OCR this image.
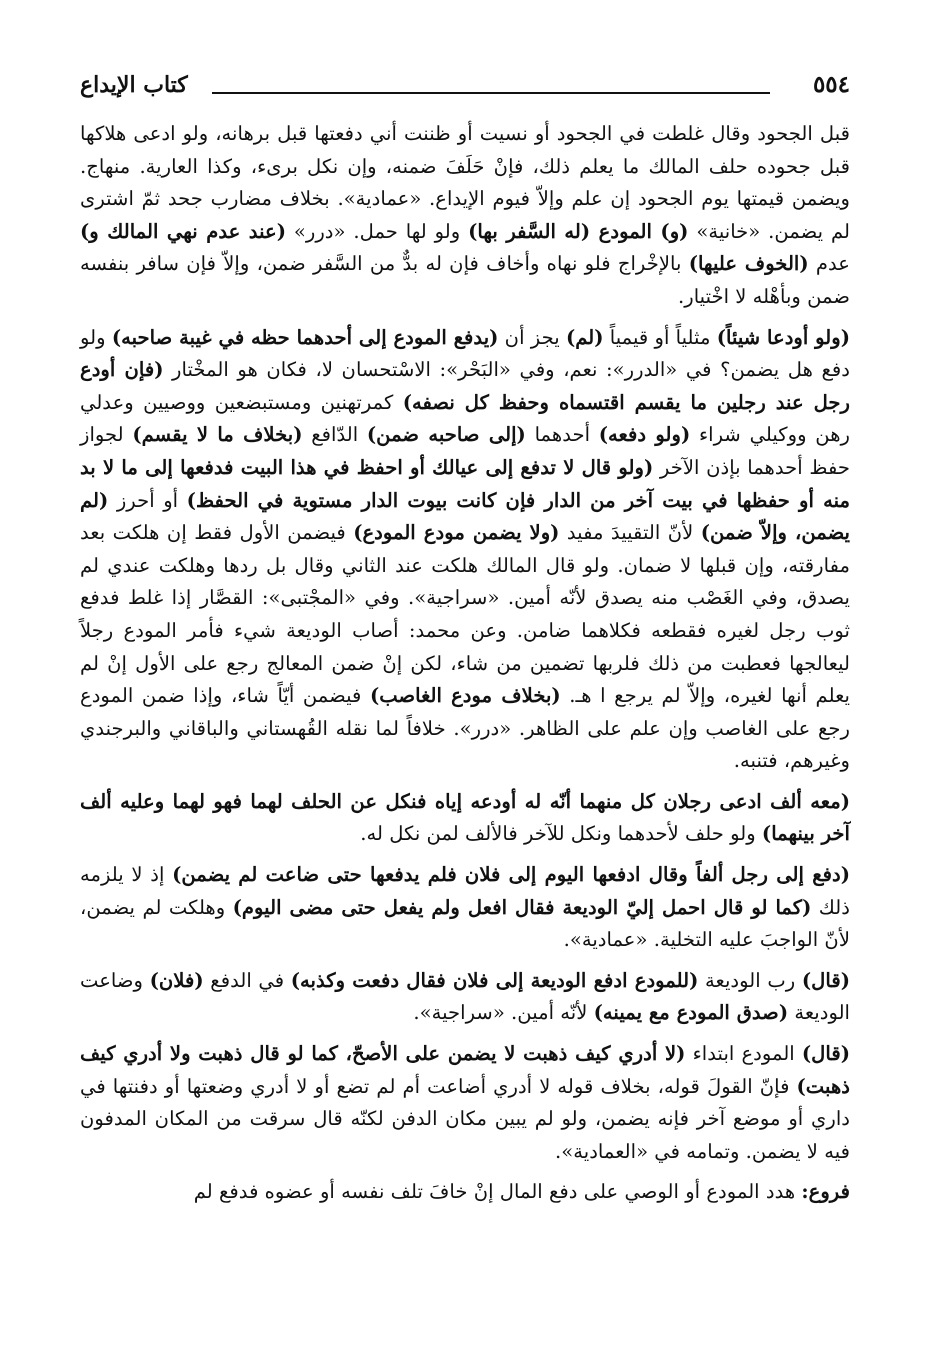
٥٥٤
كتاب الإيداع

قبل الجحود وقال غلطت في الجحود أو نسيت أو ظننت أني دفعتها قبل برهانه، ولو ادعى هلاكها قبل جحوده حلف المالك ما يعلم ذلك، فإنْ حَلَفَ ضمنه، وإن نكل برىء، وكذا العارية. منهاج. ويضمن قيمتها يوم الجحود إن علم وإلاّ فيوم الإيداع. «عمادية». بخلاف مضارب جحد ثمّ اشترى لم يضمن. «خانية» (و) المودع (له السَّفر بها) ولو لها حمل. «درر» (عند عدم نهي المالك و) عدم (الخوف عليها) بالإخْراج فلو نهاه وأخاف فإن له بدٌّ من السَّفر ضمن، وإلاّ فإن سافر بنفسه ضمن وبأهْله لا اخْتيار.

(ولو أودعا شيئاً) مثلياً أو قيمياً (لم) يجز أن (يدفع المودع إلى أحدهما حظه في غيبة صاحبه) ولو دفع هل يضمن؟ في «الدرر»: نعم، وفي «البَحْر»: الاسْتحسان لا، فكان هو المخْتار (فإن أودع رجل عند رجلين ما يقسم اقتسماه وحفظ كل نصفه) كمرتهنين ومستبضعين ووصيين وعدلي رهن ووكيلي شراء (ولو دفعه) أحدهما (إلى صاحبه ضمن) الدّافع (بخلاف ما لا يقسم) لجواز حفظ أحدهما بإذن الآخر (ولو قال لا تدفع إلى عيالك أو احفظ في هذا البيت فدفعها إلى ما لا بد منه أو حفظها في بيت آخر من الدار فإن كانت بيوت الدار مستوية في الحفظ) أو أحرز (لم يضمن، وإلاّ ضمن) لأنّ التقييدَ مفيد (ولا يضمن مودع المودع) فيضمن الأول فقط إن هلكت بعد مفارقته، وإن قبلها لا ضمان. ولو قال المالك هلكت عند الثاني وقال بل ردها وهلكت عندي لم يصدق، وفي الغَصْب منه يصدق لأنّه أمين. «سراجية». وفي «المجْتبى»: القصَّار إذا غلط فدفع ثوب رجل لغيره فقطعه فكلاهما ضامن. وعن محمد: أصاب الوديعة شيء فأمر المودع رجلاً ليعالجها فعطبت من ذلك فلربها تضمين من شاء، لكن إنْ ضمن المعالج رجع على الأول إنْ لم يعلم أنها لغيره، وإلاّ لم يرجع ا هـ. (بخلاف مودع الغاصب) فيضمن أيّاً شاء، وإذا ضمن المودع رجع على الغاصب وإن علم على الظاهر. «درر». خلافاً لما نقله القُهستاني والباقاني والبرجندي وغيرهم، فتنبه.

(معه ألف ادعى رجلان كل منهما أنّه له أودعه إياه فنكل عن الحلف لهما فهو لهما وعليه ألف آخر بينهما) ولو حلف لأحدهما ونكل للآخر فالألف لمن نكل له.

(دفع إلى رجل ألفاً وقال ادفعها اليوم إلى فلان فلم يدفعها حتى ضاعت لم يضمن) إذ لا يلزمه ذلك (كما لو قال احمل إليّ الوديعة فقال افعل ولم يفعل حتى مضى اليوم) وهلكت لم يضمن، لأنّ الواجبَ عليه التخلية. «عمادية».

(قال) رب الوديعة (للمودع ادفع الوديعة إلى فلان فقال دفعت وكذبه) في الدفع (فلان) وضاعت الوديعة (صدق المودع مع يمينه) لأنّه أمين. «سراجية».

(قال) المودع ابتداء (لا أدري كيف ذهبت لا يضمن على الأصحّ، كما لو قال ذهبت ولا أدري كيف ذهبت) فإنّ القولَ قوله، بخلاف قوله لا أدري أضاعت أم لم تضع أو لا أدري وضعتها أو دفنتها في داري أو موضع آخر فإنه يضمن، ولو لم يبين مكان الدفن لكنّه قال سرقت من المكان المدفون فيه لا يضمن. وتمامه في «العمادية».

فروع: هدد المودع أو الوصي على دفع المال إنْ خافَ تلف نفسه أو عضوه فدفع لم
